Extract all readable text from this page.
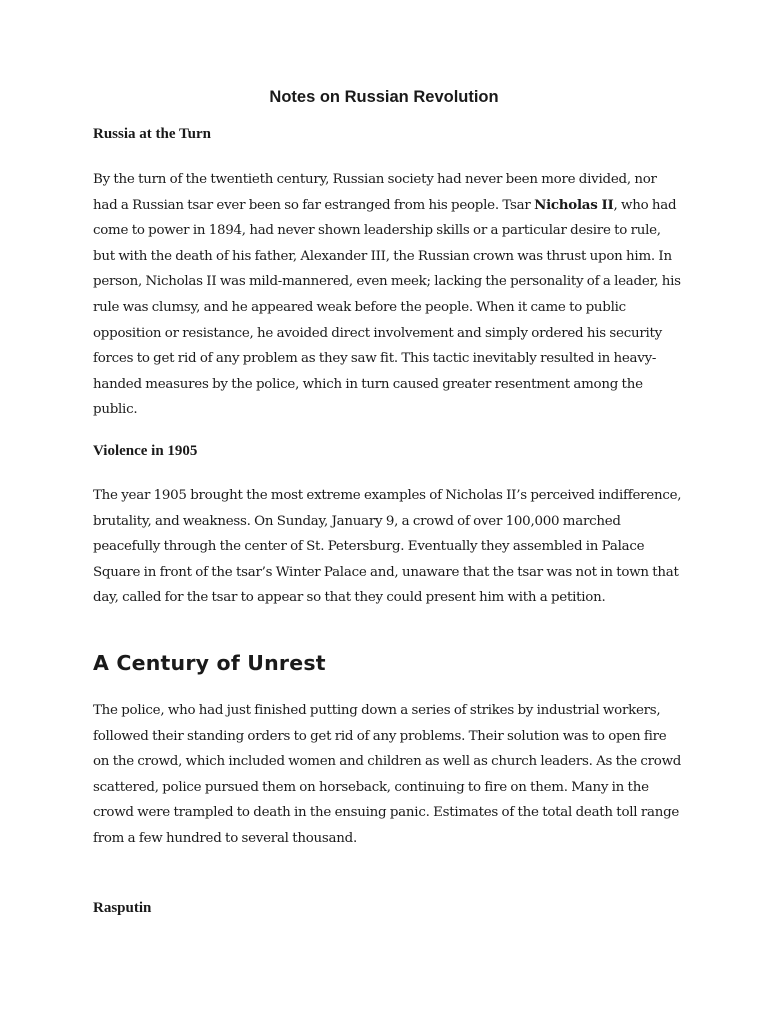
Notes on Russian Revolution
Russia at the Turn

By the turn of the twentieth century, Russian society had never been more divided, nor had a Russian tsar ever been so far estranged from his people. Tsar Nicholas II, who had come to power in 1894, had never shown leadership skills or a particular desire to rule, but with the death of his father, Alexander III, the Russian crown was thrust upon him. In person, Nicholas II was mild-mannered, even meek; lacking the personality of a leader, his rule was clumsy, and he appeared weak before the people. When it came to public opposition or resistance, he avoided direct involvement and simply ordered his security forces to get rid of any problem as they saw fit. This tactic inevitably resulted in heavy-handed measures by the police, which in turn caused greater resentment among the public.

Violence in 1905

The year 1905 brought the most extreme examples of Nicholas II’s perceived indifference, brutality, and weakness. On Sunday, January 9, a crowd of over 100,000 marched peacefully through the center of St. Petersburg. Eventually they assembled in Palace Square in front of the tsar’s Winter Palace and, unaware that the tsar was not in town that day, called for the tsar to appear so that they could present him with a petition.

A Century of Unrest

The police, who had just finished putting down a series of strikes by industrial workers, followed their standing orders to get rid of any problems. Their solution was to open fire on the crowd, which included women and children as well as church leaders. As the crowd scattered, police pursued them on horseback, continuing to fire on them. Many in the crowd were trampled to death in the ensuing panic. Estimates of the total death toll range from a few hundred to several thousand.

Rasputin
